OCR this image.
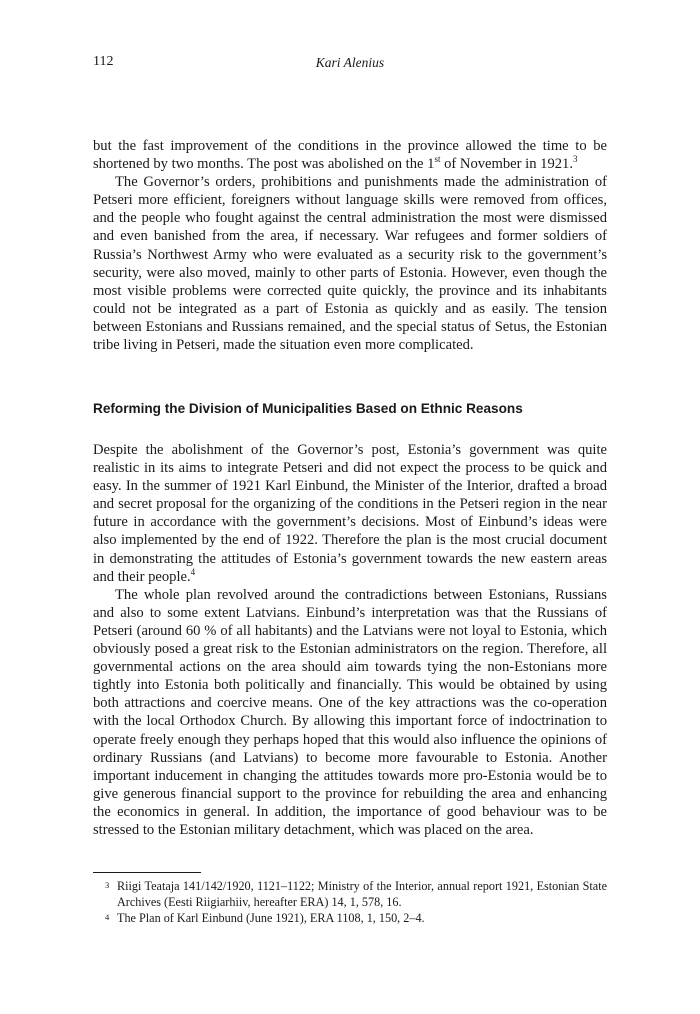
112	Kari Alenius

but the fast improvement of the conditions in the province allowed the time to be shortened by two months. The post was abolished on the 1st of November in 1921.$^3$

The Governor’s orders, prohibitions and punishments made the administration of Petseri more efficient, foreigners without language skills were removed from offices, and the people who fought against the central administration the most were dismissed and even banished from the area, if necessary. War refugees and former soldiers of Russia’s Northwest Army who were evaluated as a security risk to the government’s security, were also moved, mainly to other parts of Estonia. However, even though the most visible problems were corrected quite quickly, the province and its inhabitants could not be integrated as a part of Estonia as quickly and as easily. The tension between Estonians and Russians remained, and the special status of Setus, the Estonian tribe living in Petseri, made the situation even more complicated.

Reforming the Division of Municipalities Based on Ethnic Reasons

Despite the abolishment of the Governor’s post, Estonia’s government was quite realistic in its aims to integrate Petseri and did not expect the process to be quick and easy. In the summer of 1921 Karl Einbund, the Minister of the Interior, drafted a broad and secret proposal for the organizing of the conditions in the Petseri region in the near future in accordance with the government’s decisions. Most of Einbund’s ideas were also implemented by the end of 1922. Therefore the plan is the most crucial document in demonstrating the attitudes of Estonia’s government towards the new eastern areas and their people.$^4$

The whole plan revolved around the contradictions between Estonians, Russians and also to some extent Latvians. Einbund’s interpretation was that the Russians of Petseri (around 60 % of all habitants) and the Latvians were not loyal to Estonia, which obviously posed a great risk to the Estonian administrators on the region. Therefore, all governmental actions on the area should aim towards tying the non-Estonians more tightly into Estonia both politically and financially. This would be obtained by using both attractions and coercive means. One of the key attractions was the co-operation with the local Orthodox Church. By allowing this important force of indoctrination to operate freely enough they perhaps hoped that this would also influence the opinions of ordinary Russians (and Latvians) to become more favourable to Estonia. Another important inducement in changing the attitudes towards more pro-Estonia would be to give generous financial support to the province for rebuilding the area and enhancing the economics in general. In addition, the importance of good behaviour was to be stressed to the Estonian military detachment, which was placed on the area.

3 Riigi Teataja 141/142/1920, 1121–1122; Ministry of the Interior, annual report 1921, Estonian State Archives (Eesti Riigiarhiiv, hereafter ERA) 14, 1, 578, 16.

4 The Plan of Karl Einbund (June 1921), ERA 1108, 1, 150, 2–4.
